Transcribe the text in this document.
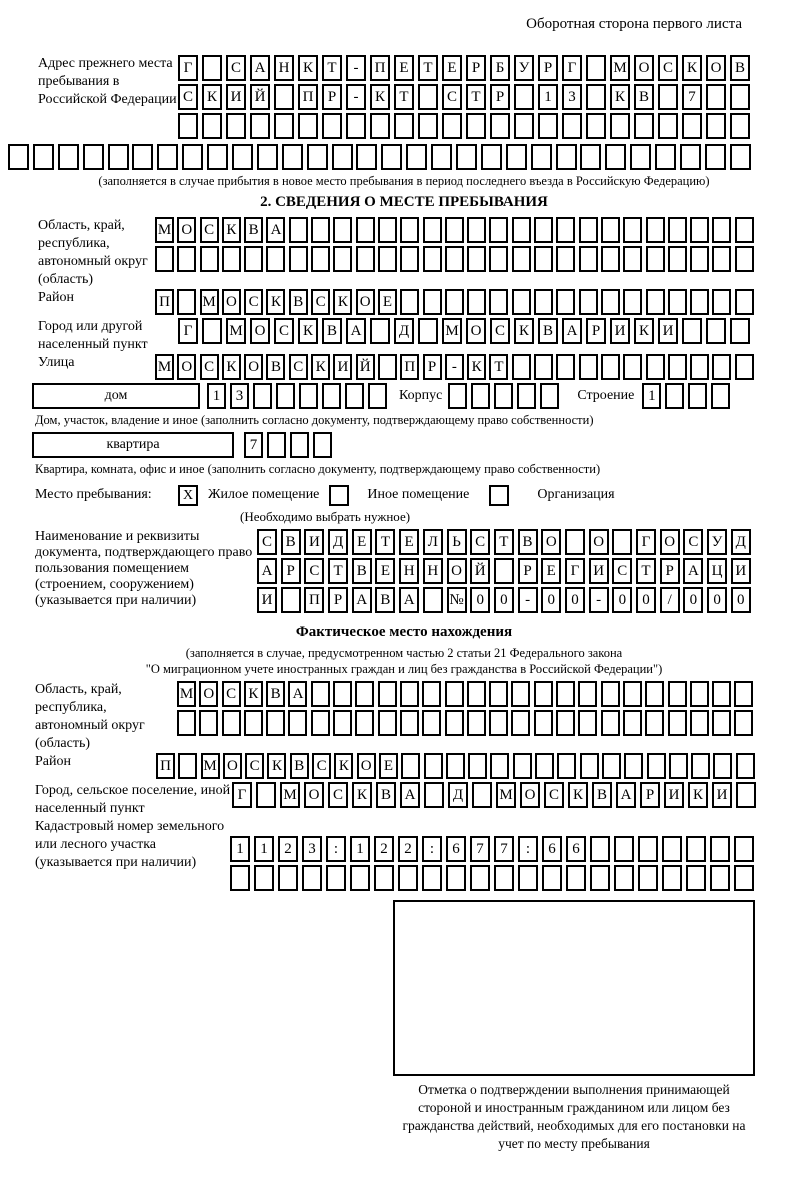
Оборотная сторона первого листа
Адрес прежнего места пребывания в Российской Федерации
Г	С А Н К Т - П Е Т Е Р Б У Р Г М О С К О В
С К И Й П Р - К Т	С Т Р	1 3	К В	7
(заполняется в случае прибытия в новое место пребывания в период последнего въезда в Российскую Федерацию)
2. СВЕДЕНИЯ О МЕСТЕ ПРЕБЫВАНИЯ
Область, край, республика, автономный округ (область)
М О С К В А
Район	П М О С К В С К О Е
Город или другой населенный пункт
Г М О С К В А Д М О С К В А Р И К И
Улица	М О С К О В С К И Й П Р - К Т
дом	1 3	Корпус	Строение 1
Дом, участок, владение и иное (заполнить согласно документу, подтверждающему право собственности)
квартира	7
Квартира, комната, офис и иное (заполнить согласно документу, подтверждающему право собственности)
Место пребывания:	X	Жилое помещение	Иное помещение	Организация
(Необходимо выбрать нужное)
Наименование и реквизиты документа, подтверждающего право пользования помещением (строением, сооружением) (указывается при наличии)
С В И Д Е Т Е Л Ь С Т В О О	Г О С У Д
А Р С Т В Е Н Н О Й	Р Е Г И С Т Р А Ц И
И П Р А В А № 0 0 - 0 0 - 0 0 / 0 0 0
Фактическое место нахождения
(заполняется в случае, предусмотренном частью 2 статьи 21 Федерального закона
"О миграционном учете иностранных граждан и лиц без гражданства в Российской Федерации")
Область, край, республика, автономный округ (область)
М О С К В А
Район	П М О С К В С К О Е
Город, сельское поселение, иной населенный пункт
Г М О С К В А Д М О С К В А Р И К И
Кадастровый номер земельного или лесного участка (указывается при наличии)
1 1 2 3 : 1 2 2 : 6 7 7 : 6 6
Отметка о подтверждении выполнения принимающей стороной и иностранным гражданином или лицом без гражданства действий, необходимых для его постановки на учет по месту пребывания
